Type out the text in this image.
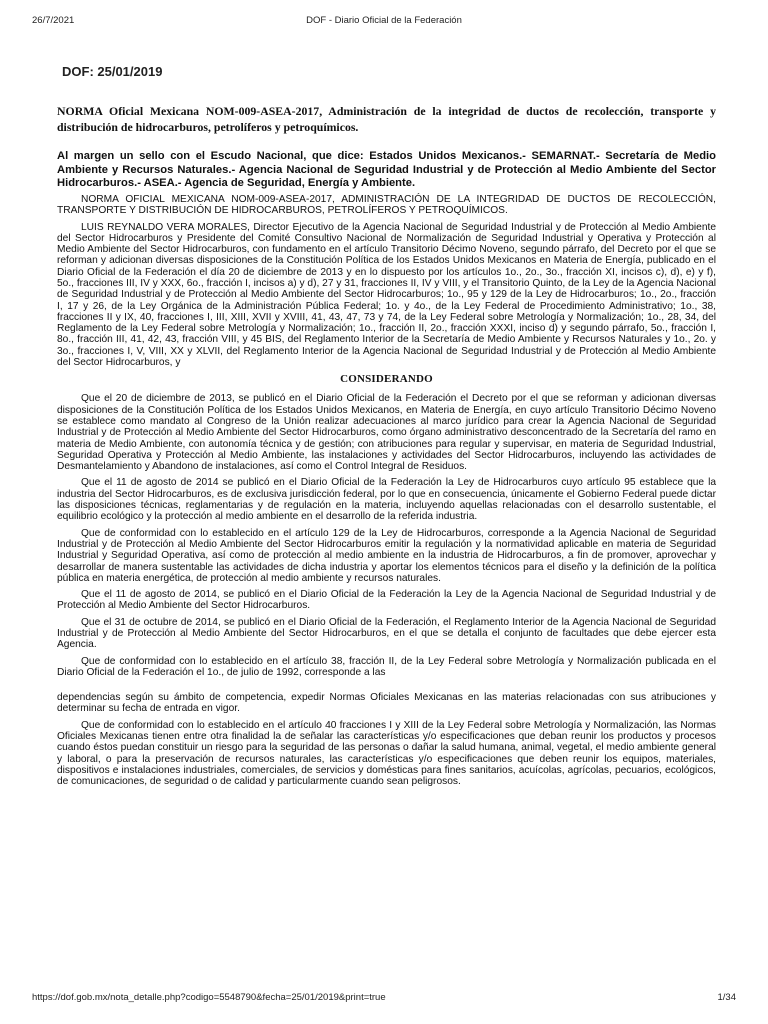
26/7/2021	DOF - Diario Oficial de la Federación
DOF: 25/01/2019
NORMA Oficial Mexicana NOM-009-ASEA-2017, Administración de la integridad de ductos de recolección, transporte y distribución de hidrocarburos, petrolíferos y petroquímicos.
Al margen un sello con el Escudo Nacional, que dice: Estados Unidos Mexicanos.- SEMARNAT.- Secretaría de Medio Ambiente y Recursos Naturales.- Agencia Nacional de Seguridad Industrial y de Protección al Medio Ambiente del Sector Hidrocarburos.- ASEA.- Agencia de Seguridad, Energía y Ambiente.
NORMA OFICIAL MEXICANA NOM-009-ASEA-2017, ADMINISTRACIÓN DE LA INTEGRIDAD DE DUCTOS DE RECOLECCIÓN, TRANSPORTE Y DISTRIBUCIÓN DE HIDROCARBUROS, PETROLÍFEROS Y PETROQUÍMICOS.
LUIS REYNALDO VERA MORALES, Director Ejecutivo de la Agencia Nacional de Seguridad Industrial y de Protección al Medio Ambiente del Sector Hidrocarburos y Presidente del Comité Consultivo Nacional de Normalización de Seguridad Industrial y Operativa y Protección al Medio Ambiente del Sector Hidrocarburos, con fundamento en el artículo Transitorio Décimo Noveno, segundo párrafo, del Decreto por el que se reforman y adicionan diversas disposiciones de la Constitución Política de los Estados Unidos Mexicanos en Materia de Energía, publicado en el Diario Oficial de la Federación el día 20 de diciembre de 2013 y en lo dispuesto por los artículos 1o., 2o., 3o., fracción XI, incisos c), d), e) y f), 5o., fracciones III, IV y XXX, 6o., fracción I, incisos a) y d), 27 y 31, fracciones II, IV y VIII, y el Transitorio Quinto, de la Ley de la Agencia Nacional de Seguridad Industrial y de Protección al Medio Ambiente del Sector Hidrocarburos; 1o., 95 y 129 de la Ley de Hidrocarburos; 1o., 2o., fracción I, 17 y 26, de la Ley Orgánica de la Administración Pública Federal; 1o. y 4o., de la Ley Federal de Procedimiento Administrativo; 1o., 38, fracciones II y IX, 40, fracciones I, III, XIII, XVII y XVIII, 41, 43, 47, 73 y 74, de la Ley Federal sobre Metrología y Normalización; 1o., 28, 34, del Reglamento de la Ley Federal sobre Metrología y Normalización; 1o., fracción II, 2o., fracción XXXI, inciso d) y segundo párrafo, 5o., fracción I, 8o., fracción III, 41, 42, 43, fracción VIII, y 45 BIS, del Reglamento Interior de la Secretaría de Medio Ambiente y Recursos Naturales y 1o., 2o. y 3o., fracciones I, V, VIII, XX y XLVII, del Reglamento Interior de la Agencia Nacional de Seguridad Industrial y de Protección al Medio Ambiente del Sector Hidrocarburos, y
CONSIDERANDO
Que el 20 de diciembre de 2013, se publicó en el Diario Oficial de la Federación el Decreto por el que se reforman y adicionan diversas disposiciones de la Constitución Política de los Estados Unidos Mexicanos, en Materia de Energía, en cuyo artículo Transitorio Décimo Noveno se establece como mandato al Congreso de la Unión realizar adecuaciones al marco jurídico para crear la Agencia Nacional de Seguridad Industrial y de Protección al Medio Ambiente del Sector Hidrocarburos, como órgano administrativo desconcentrado de la Secretaría del ramo en materia de Medio Ambiente, con autonomía técnica y de gestión; con atribuciones para regular y supervisar, en materia de Seguridad Industrial, Seguridad Operativa y Protección al Medio Ambiente, las instalaciones y actividades del Sector Hidrocarburos, incluyendo las actividades de Desmantelamiento y Abandono de instalaciones, así como el Control Integral de Residuos.
Que el 11 de agosto de 2014 se publicó en el Diario Oficial de la Federación la Ley de Hidrocarburos cuyo artículo 95 establece que la industria del Sector Hidrocarburos, es de exclusiva jurisdicción federal, por lo que en consecuencia, únicamente el Gobierno Federal puede dictar las disposiciones técnicas, reglamentarias y de regulación en la materia, incluyendo aquellas relacionadas con el desarrollo sustentable, el equilibrio ecológico y la protección al medio ambiente en el desarrollo de la referida industria.
Que de conformidad con lo establecido en el artículo 129 de la Ley de Hidrocarburos, corresponde a la Agencia Nacional de Seguridad Industrial y de Protección al Medio Ambiente del Sector Hidrocarburos emitir la regulación y la normatividad aplicable en materia de Seguridad Industrial y Seguridad Operativa, así como de protección al medio ambiente en la industria de Hidrocarburos, a fin de promover, aprovechar y desarrollar de manera sustentable las actividades de dicha industria y aportar los elementos técnicos para el diseño y la definición de la política pública en materia energética, de protección al medio ambiente y recursos naturales.
Que el 11 de agosto de 2014, se publicó en el Diario Oficial de la Federación la Ley de la Agencia Nacional de Seguridad Industrial y de Protección al Medio Ambiente del Sector Hidrocarburos.
Que el 31 de octubre de 2014, se publicó en el Diario Oficial de la Federación, el Reglamento Interior de la Agencia Nacional de Seguridad Industrial y de Protección al Medio Ambiente del Sector Hidrocarburos, en el que se detalla el conjunto de facultades que debe ejercer esta Agencia.
Que de conformidad con lo establecido en el artículo 38, fracción II, de la Ley Federal sobre Metrología y Normalización publicada en el Diario Oficial de la Federación el 1o., de julio de 1992, corresponde a las
dependencias según su ámbito de competencia, expedir Normas Oficiales Mexicanas en las materias relacionadas con sus atribuciones y determinar su fecha de entrada en vigor.
Que de conformidad con lo establecido en el artículo 40 fracciones I y XIII de la Ley Federal sobre Metrología y Normalización, las Normas Oficiales Mexicanas tienen entre otra finalidad la de señalar las características y/o especificaciones que deban reunir los productos y procesos cuando éstos puedan constituir un riesgo para la seguridad de las personas o dañar la salud humana, animal, vegetal, el medio ambiente general y laboral, o para la preservación de recursos naturales, las características y/o especificaciones que deben reunir los equipos, materiales, dispositivos e instalaciones industriales, comerciales, de servicios y domésticas para fines sanitarios, acuícolas, agrícolas, pecuarios, ecológicos, de comunicaciones, de seguridad o de calidad y particularmente cuando sean peligrosos.
https://dof.gob.mx/nota_detalle.php?codigo=5548790&fecha=25/01/2019&print=true	1/34
